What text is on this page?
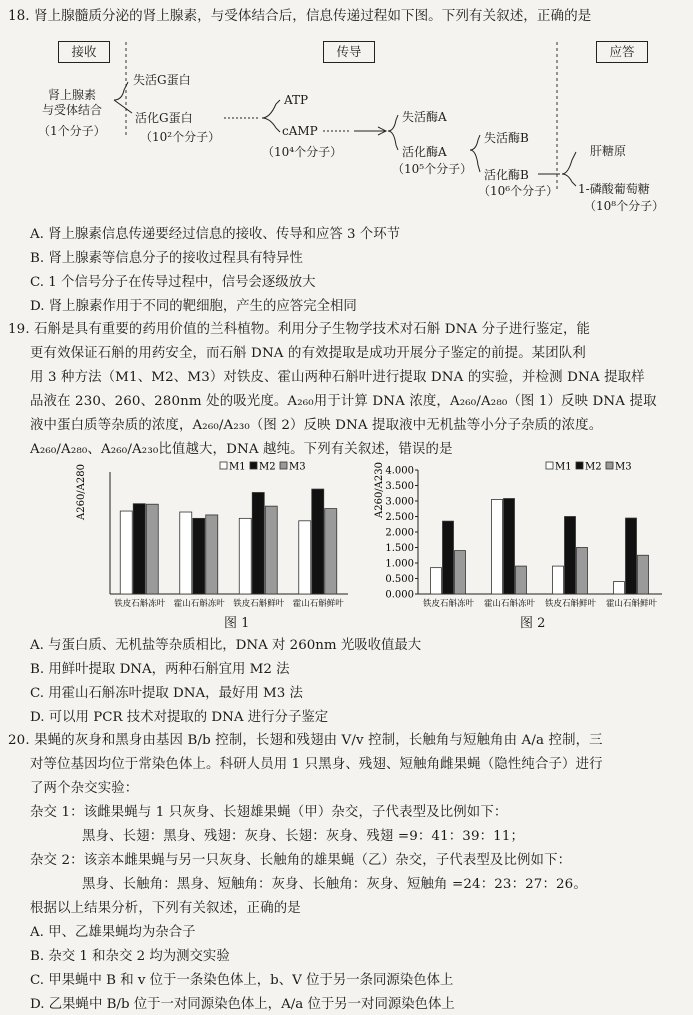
18. 肾上腺髓质分泌的肾上腺素，与受体结合后，信息传递过程如下图。下列有关叙述，正确的是
接收	传导	应答
肾上腺素
与受体结合
（1个分子）
失活G蛋白
活化G蛋白
（10²个分子）
ATP
cAMP
（10⁴个分子）
失活酶A
活化酶A
（10⁵个分子）
失活酶B
活化酶B
（10⁶个分子）
肝糖原
1-磷酸葡萄糖
（10⁸个分子）
A. 肾上腺素信息传递要经过信息的接收、传导和应答 3 个环节
B. 肾上腺素等信息分子的接收过程具有特异性
C. 1 个信号分子在传导过程中，信号会逐级放大
D. 肾上腺素作用于不同的靶细胞，产生的应答完全相同
19. 石斛是具有重要的药用价值的兰科植物。利用分子生物学技术对石斛 DNA 分子进行鉴定，能
更有效保证石斛的用药安全，而石斛 DNA 的有效提取是成功开展分子鉴定的前提。某团队利
用 3 种方法（M1、M2、M3）对铁皮、霍山两种石斛叶进行提取 DNA 的实验，并检测 DNA 提取样
品液在 230、260、280nm 处的吸光度。A₂₆₀用于计算 DNA 浓度，A₂₆₀/A₂₈₀（图 1）反映 DNA 提取
液中蛋白质等杂质的浓度，A₂₆₀/A₂₃₀（图 2）反映 DNA 提取液中无机盐等小分子杂质的浓度。
A₂₆₀/A₂₈₀、A₂₆₀/A₂₃₀比值越大，DNA 越纯。下列有关叙述，错误的是
A260/A280	M1 M2 M3
铁皮石斛冻叶 霍山石斛冻叶 铁皮石斛鲜叶 霍山石斛鲜叶
A260/A230
0.000
0.500
1.000
1.500
2.000
2.500
3.000
3.500
4.000	M1 M2 M3
铁皮石斛冻叶 霍山石斛冻叶 铁皮石斛鲜叶 霍山石斛鲜叶
图 1	图 2
A. 与蛋白质、无机盐等杂质相比，DNA 对 260nm 光吸收值最大
B. 用鲜叶提取 DNA，两种石斛宜用 M2 法
C. 用霍山石斛冻叶提取 DNA，最好用 M3 法
D. 可以用 PCR 技术对提取的 DNA 进行分子鉴定
20. 果蝇的灰身和黑身由基因 B/b 控制，长翅和残翅由 V/v 控制，长触角与短触角由 A/a 控制，三
对等位基因均位于常染色体上。科研人员用 1 只黑身、残翅、短触角雌果蝇（隐性纯合子）进行
了两个杂交实验：
杂交 1：该雌果蝇与 1 只灰身、长翅雄果蝇（甲）杂交，子代表型及比例如下：
黑身、长翅：黑身、残翅：灰身、长翅：灰身、残翅 =9：41：39：11；
杂交 2：该亲本雌果蝇与另一只灰身、长触角的雄果蝇（乙）杂交，子代表型及比例如下：
黑身、长触角：黑身、短触角：灰身、长触角：灰身、短触角 =24：23：27：26。
根据以上结果分析，下列有关叙述，正确的是
A. 甲、乙雄果蝇均为杂合子
B. 杂交 1 和杂交 2 均为测交实验
C. 甲果蝇中 B 和 v 位于一条染色体上，b、V 位于另一条同源染色体上
D. 乙果蝇中 B/b 位于一对同源染色体上，A/a 位于另一对同源染色体上
